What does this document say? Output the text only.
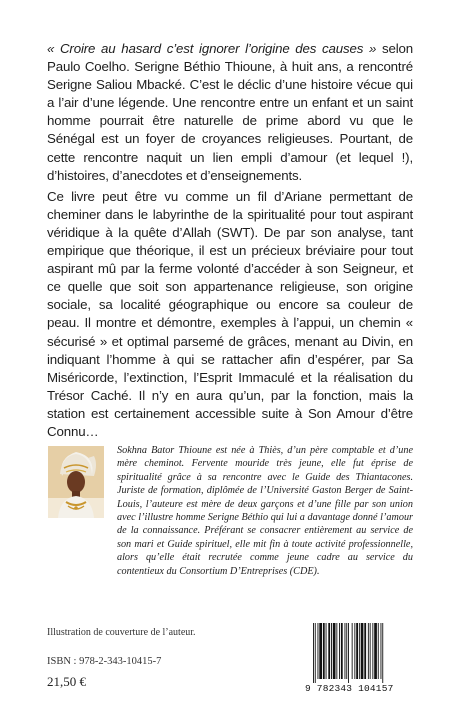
« Croire au hasard c’est ignorer l’origine des causes » selon Paulo Coelho. Serigne Béthio Thioune, à huit ans, a rencontré Serigne Saliou Mbacké. C’est le déclic d’une histoire vécue qui a l’air d’une légende. Une rencontre entre un enfant et un saint homme pourrait être naturelle de prime abord vu que le Sénégal est un foyer de croyances religieuses. Pourtant, de cette rencontre naquit un lien empli d’amour (et lequel !), d’histoires, d’anecdotes et d’enseignements.

Ce livre peut être vu comme un fil d’Ariane permettant de cheminer dans le labyrinthe de la spiritualité pour tout aspirant véridique à la quête d’Allah (SWT). De par son analyse, tant empirique que théorique, il est un précieux bréviaire pour tout aspirant mû par la ferme volonté d’accéder à son Seigneur, et ce quelle que soit son appartenance religieuse, son origine sociale, sa localité géographique ou encore sa couleur de peau. Il montre et démontre, exemples à l’appui, un chemin « sécurisé » et optimal parsemé de grâces, menant au Divin, en indiquant l’homme à qui se rattacher afin d’espérer, par Sa Miséricorde, l’extinction, l’Esprit Immaculé et la réalisation du Trésor Caché. Il n’y en aura qu’un, par la fonction, mais la station est certainement accessible suite à Son Amour d’être Connu…

Sokhna Bator Thioune est née à Thiès, d’un père comptable et d’une mère cheminot. Fervente mouride très jeune, elle fut éprise de spiritualité grâce à sa rencontre avec le Guide des Thiantacones. Juriste de formation, diplômée de l’Université Gaston Berger de Saint-Louis, l’auteure est mère de deux garçons et d’une fille par son union avec l’illustre homme Serigne Béthio qui lui a davantage donné l’amour de la connaissance. Préférant se consacrer entièrement au service de son mari et Guide spirituel, elle mit fin à toute activité professionnelle, alors qu’elle était recrutée comme jeune cadre au service du contentieux du Consortium D’Entreprises (CDE).

Illustration de couverture de l’auteur.
ISBN : 978-2-343-10415-7
21,50 €	9 782343 104157
